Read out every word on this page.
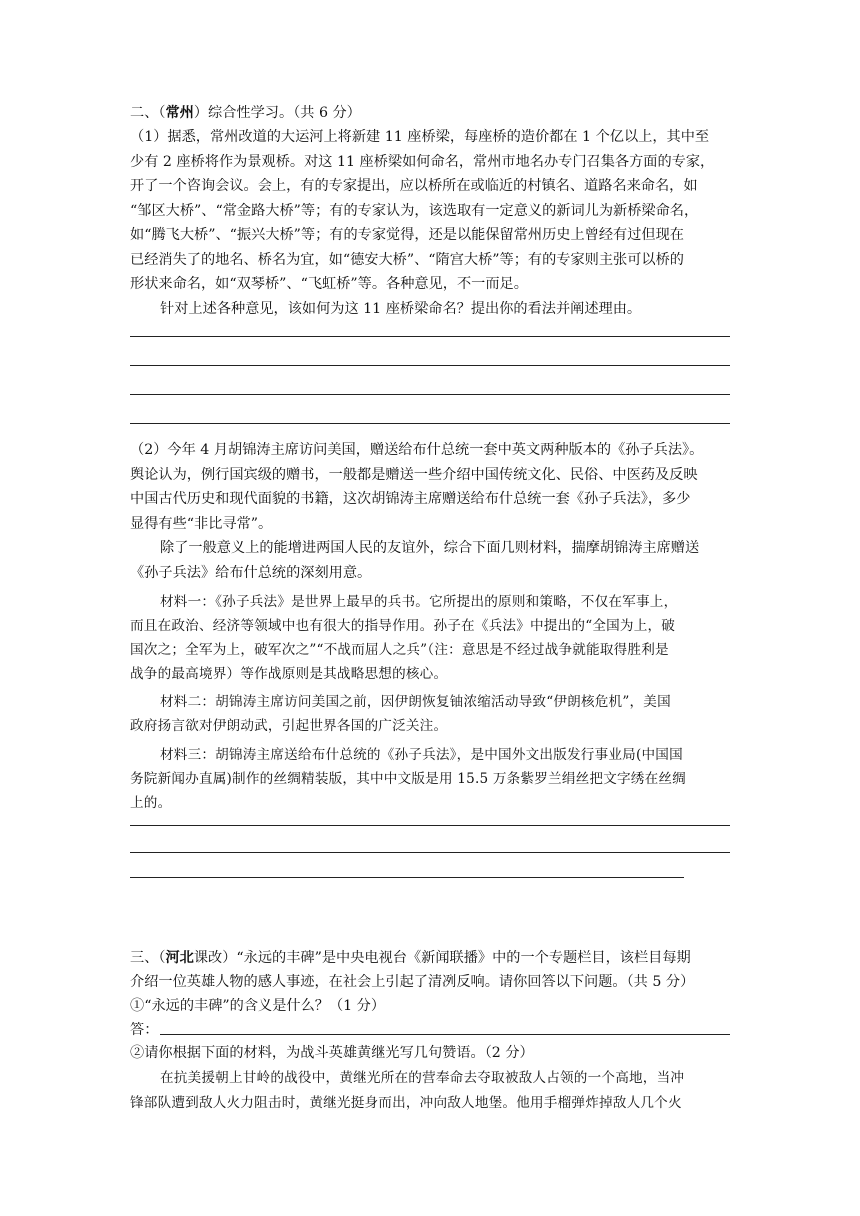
二、（常州）综合性学习。（共 6 分）
（1）据悉，常州改道的大运河上将新建 11 座桥梁，每座桥的造价都在 1 个亿以上，其中至
少有 2 座桥将作为景观桥。对这 11 座桥梁如何命名，常州市地名办专门召集各方面的专家，
开了一个咨询会议。会上，有的专家提出，应以桥所在或临近的村镇名、道路名来命名，如
“邹区大桥”、“常金路大桥”等；有的专家认为，该选取有一定意义的新词儿为新桥梁命名，
如“腾飞大桥”、“振兴大桥”等；有的专家觉得，还是以能保留常州历史上曾经有过但现在
已经消失了的地名、桥名为宜，如“德安大桥”、“隋宫大桥”等；有的专家则主张可以桥的
形状来命名，如“双琴桥”、“飞虹桥”等。各种意见，不一而足。
针对上述各种意见，该如何为这 11 座桥梁命名？提出你的看法并阐述理由。
（2）今年 4 月胡锦涛主席访问美国，赠送给布什总统一套中英文两种版本的《孙子兵法》。
舆论认为，例行国宾级的赠书，一般都是赠送一些介绍中国传统文化、民俗、中医药及反映
中国古代历史和现代面貌的书籍，这次胡锦涛主席赠送给布什总统一套《孙子兵法》，多少
显得有些“非比寻常”。
除了一般意义上的能增进两国人民的友谊外，综合下面几则材料，揣摩胡锦涛主席赠送
《孙子兵法》给布什总统的深刻用意。
材料一：《孙子兵法》是世界上最早的兵书。它所提出的原则和策略，不仅在军事上，
而且在政治、经济等领域中也有很大的指导作用。孙子在《兵法》中提出的“全国为上，破
国次之；全军为上，破军次之”“不战而屈人之兵”（注：意思是不经过战争就能取得胜利是
战争的最高境界）等作战原则是其战略思想的核心。
材料二：胡锦涛主席访问美国之前，因伊朗恢复铀浓缩活动导致“伊朗核危机”，美国
政府扬言欲对伊朗动武，引起世界各国的广泛关注。
材料三：胡锦涛主席送给布什总统的《孙子兵法》，是中国外文出版发行事业局(中国国
务院新闻办直属)制作的丝绸精装版，其中中文版是用 15.5 万条紫罗兰绢丝把文字绣在丝绸
上的。
三、（河北课改）“永远的丰碑”是中央电视台《新闻联播》中的一个专题栏目，该栏目每期
介绍一位英雄人物的感人事迹，在社会上引起了清冽反响。请你回答以下问题。（共 5 分）
①“永远的丰碑”的含义是什么？（1 分）
答：
②请你根据下面的材料，为战斗英雄黄继光写几句赞语。（2 分）
在抗美援朝上甘岭的战役中，黄继光所在的营奉命去夺取被敌人占领的一个高地，当冲
锋部队遭到敌人火力阻击时，黄继光挺身而出，冲向敌人地堡。他用手榴弹炸掉敌人几个火
